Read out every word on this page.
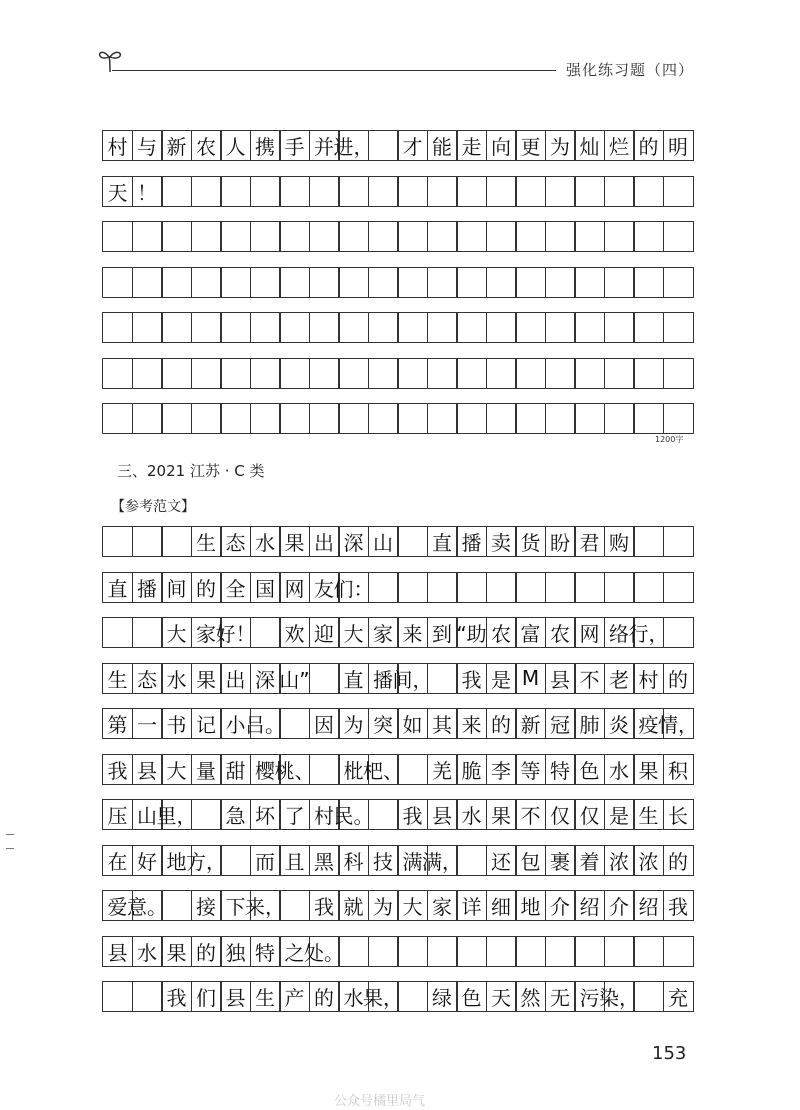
强化练习题（四）
村 与 新 农 人 携 手 并 进， 才 能 走 向 更 为 灿 烂 的 明
天 ！
1200字
三、2021 江苏 · C 类
【参考范文】
生 态 水 果 出 深 山 直 播 卖 货 盼 君 购
直 播 间 的 全 国 网 友 们：
大 家 好！ 欢 迎 大 家 来 到 “助 农 富 农 网 络 行，
生 态 水 果 出 深 山” 直 播 间， 我 是 M 县 不 老 村 的
第 一 书 记 小 吕。 因 为 突 如 其 来 的 新 冠 肺 炎 疫 情，
我 县 大 量 甜 樱 桃、 枇 杷、 羌 脆 李 等 特 色 水 果 积
压 山 里， 急 坏 了 村 民。 我 县 水 果 不 仅 仅 是 生 长
在 好 地 方， 而 且 黑 科 技 满 满， 还 包 裹 着 浓 浓 的
爱 意。 接 下 来， 我 就 为 大 家 详 细 地 介 绍 介 绍 我
县 水 果 的 独 特 之 处。
我 们 县 生 产 的 水 果， 绿 色 天 然 无 污 染， 充
153
公众号橘里局气
